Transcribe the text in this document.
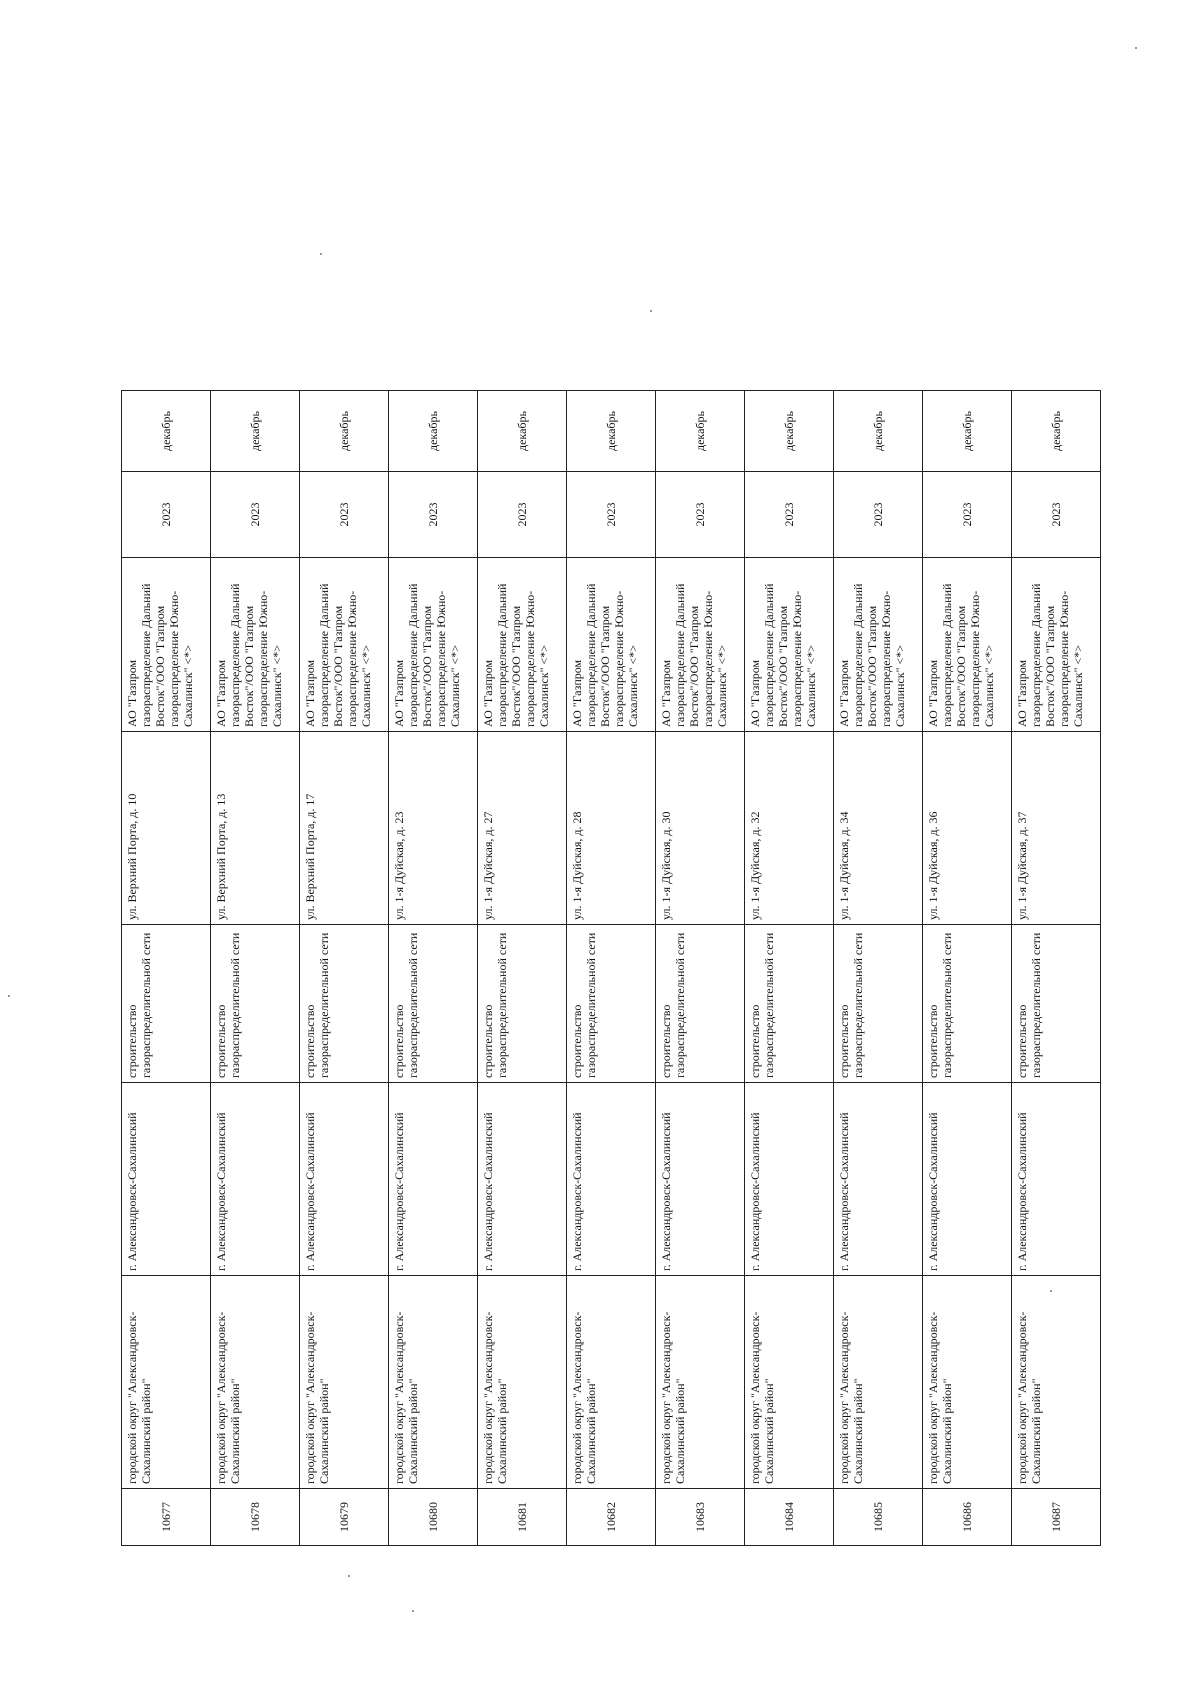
10677	городской округ "Александровск-Сахалинский район"	г. Александровск-Сахалинский	строительство газораспределительной сети	ул. Верхний Порта, д. 10	АО "Газпром газораспределение Дальний Восток"/ООО "Газпром газораспределение Южно-Сахалинск" <*>	2023	декабрь
10678	городской округ "Александровск-Сахалинский район"	г. Александровск-Сахалинский	строительство газораспределительной сети	ул. Верхний Порта, д. 13	АО "Газпром газораспределение Дальний Восток"/ООО "Газпром газораспределение Южно-Сахалинск" <*>	2023	декабрь
10679	городской округ "Александровск-Сахалинский район"	г. Александровск-Сахалинский	строительство газораспределительной сети	ул. Верхний Порта, д. 17	АО "Газпром газораспределение Дальний Восток"/ООО "Газпром газораспределение Южно-Сахалинск" <*>	2023	декабрь
10680	городской округ "Александровск-Сахалинский район"	г. Александровск-Сахалинский	строительство газораспределительной сети	ул. 1-я Дуйская, д. 23	АО "Газпром газораспределение Дальний Восток"/ООО "Газпром газораспределение Южно-Сахалинск" <*>	2023	декабрь
10681	городской округ "Александровск-Сахалинский район"	г. Александровск-Сахалинский	строительство газораспределительной сети	ул. 1-я Дуйская, д. 27	АО "Газпром газораспределение Дальний Восток"/ООО "Газпром газораспределение Южно-Сахалинск" <*>	2023	декабрь
10682	городской округ "Александровск-Сахалинский район"	г. Александровск-Сахалинский	строительство газораспределительной сети	ул. 1-я Дуйская, д. 28	АО "Газпром газораспределение Дальний Восток"/ООО "Газпром газораспределение Южно-Сахалинск" <*>	2023	декабрь
10683	городской округ "Александровск-Сахалинский район"	г. Александровск-Сахалинский	строительство газораспределительной сети	ул. 1-я Дуйская, д. 30	АО "Газпром газораспределение Дальний Восток"/ООО "Газпром газораспределение Южно-Сахалинск" <*>	2023	декабрь
10684	городской округ "Александровск-Сахалинский район"	г. Александровск-Сахалинский	строительство газораспределительной сети	ул. 1-я Дуйская, д. 32	АО "Газпром газораспределение Дальний Восток"/ООО "Газпром газораспределение Южно-Сахалинск" <*>	2023	декабрь
10685	городской округ "Александровск-Сахалинский район"	г. Александровск-Сахалинский	строительство газораспределительной сети	ул. 1-я Дуйская, д. 34	АО "Газпром газораспределение Дальний Восток"/ООО "Газпром газораспределение Южно-Сахалинск" <*>	2023	декабрь
10686	городской округ "Александровск-Сахалинский район"	г. Александровск-Сахалинский	строительство газораспределительной сети	ул. 1-я Дуйская, д. 36	АО "Газпром газораспределение Дальний Восток"/ООО "Газпром газораспределение Южно-Сахалинск" <*>	2023	декабрь
10687	городской округ "Александровск-Сахалинский район"	г. Александровск-Сахалинский	строительство газораспределительной сети	ул. 1-я Дуйская, д. 37	АО "Газпром газораспределение Дальний Восток"/ООО "Газпром газораспределение Южно-Сахалинск" <*>	2023	декабрь
